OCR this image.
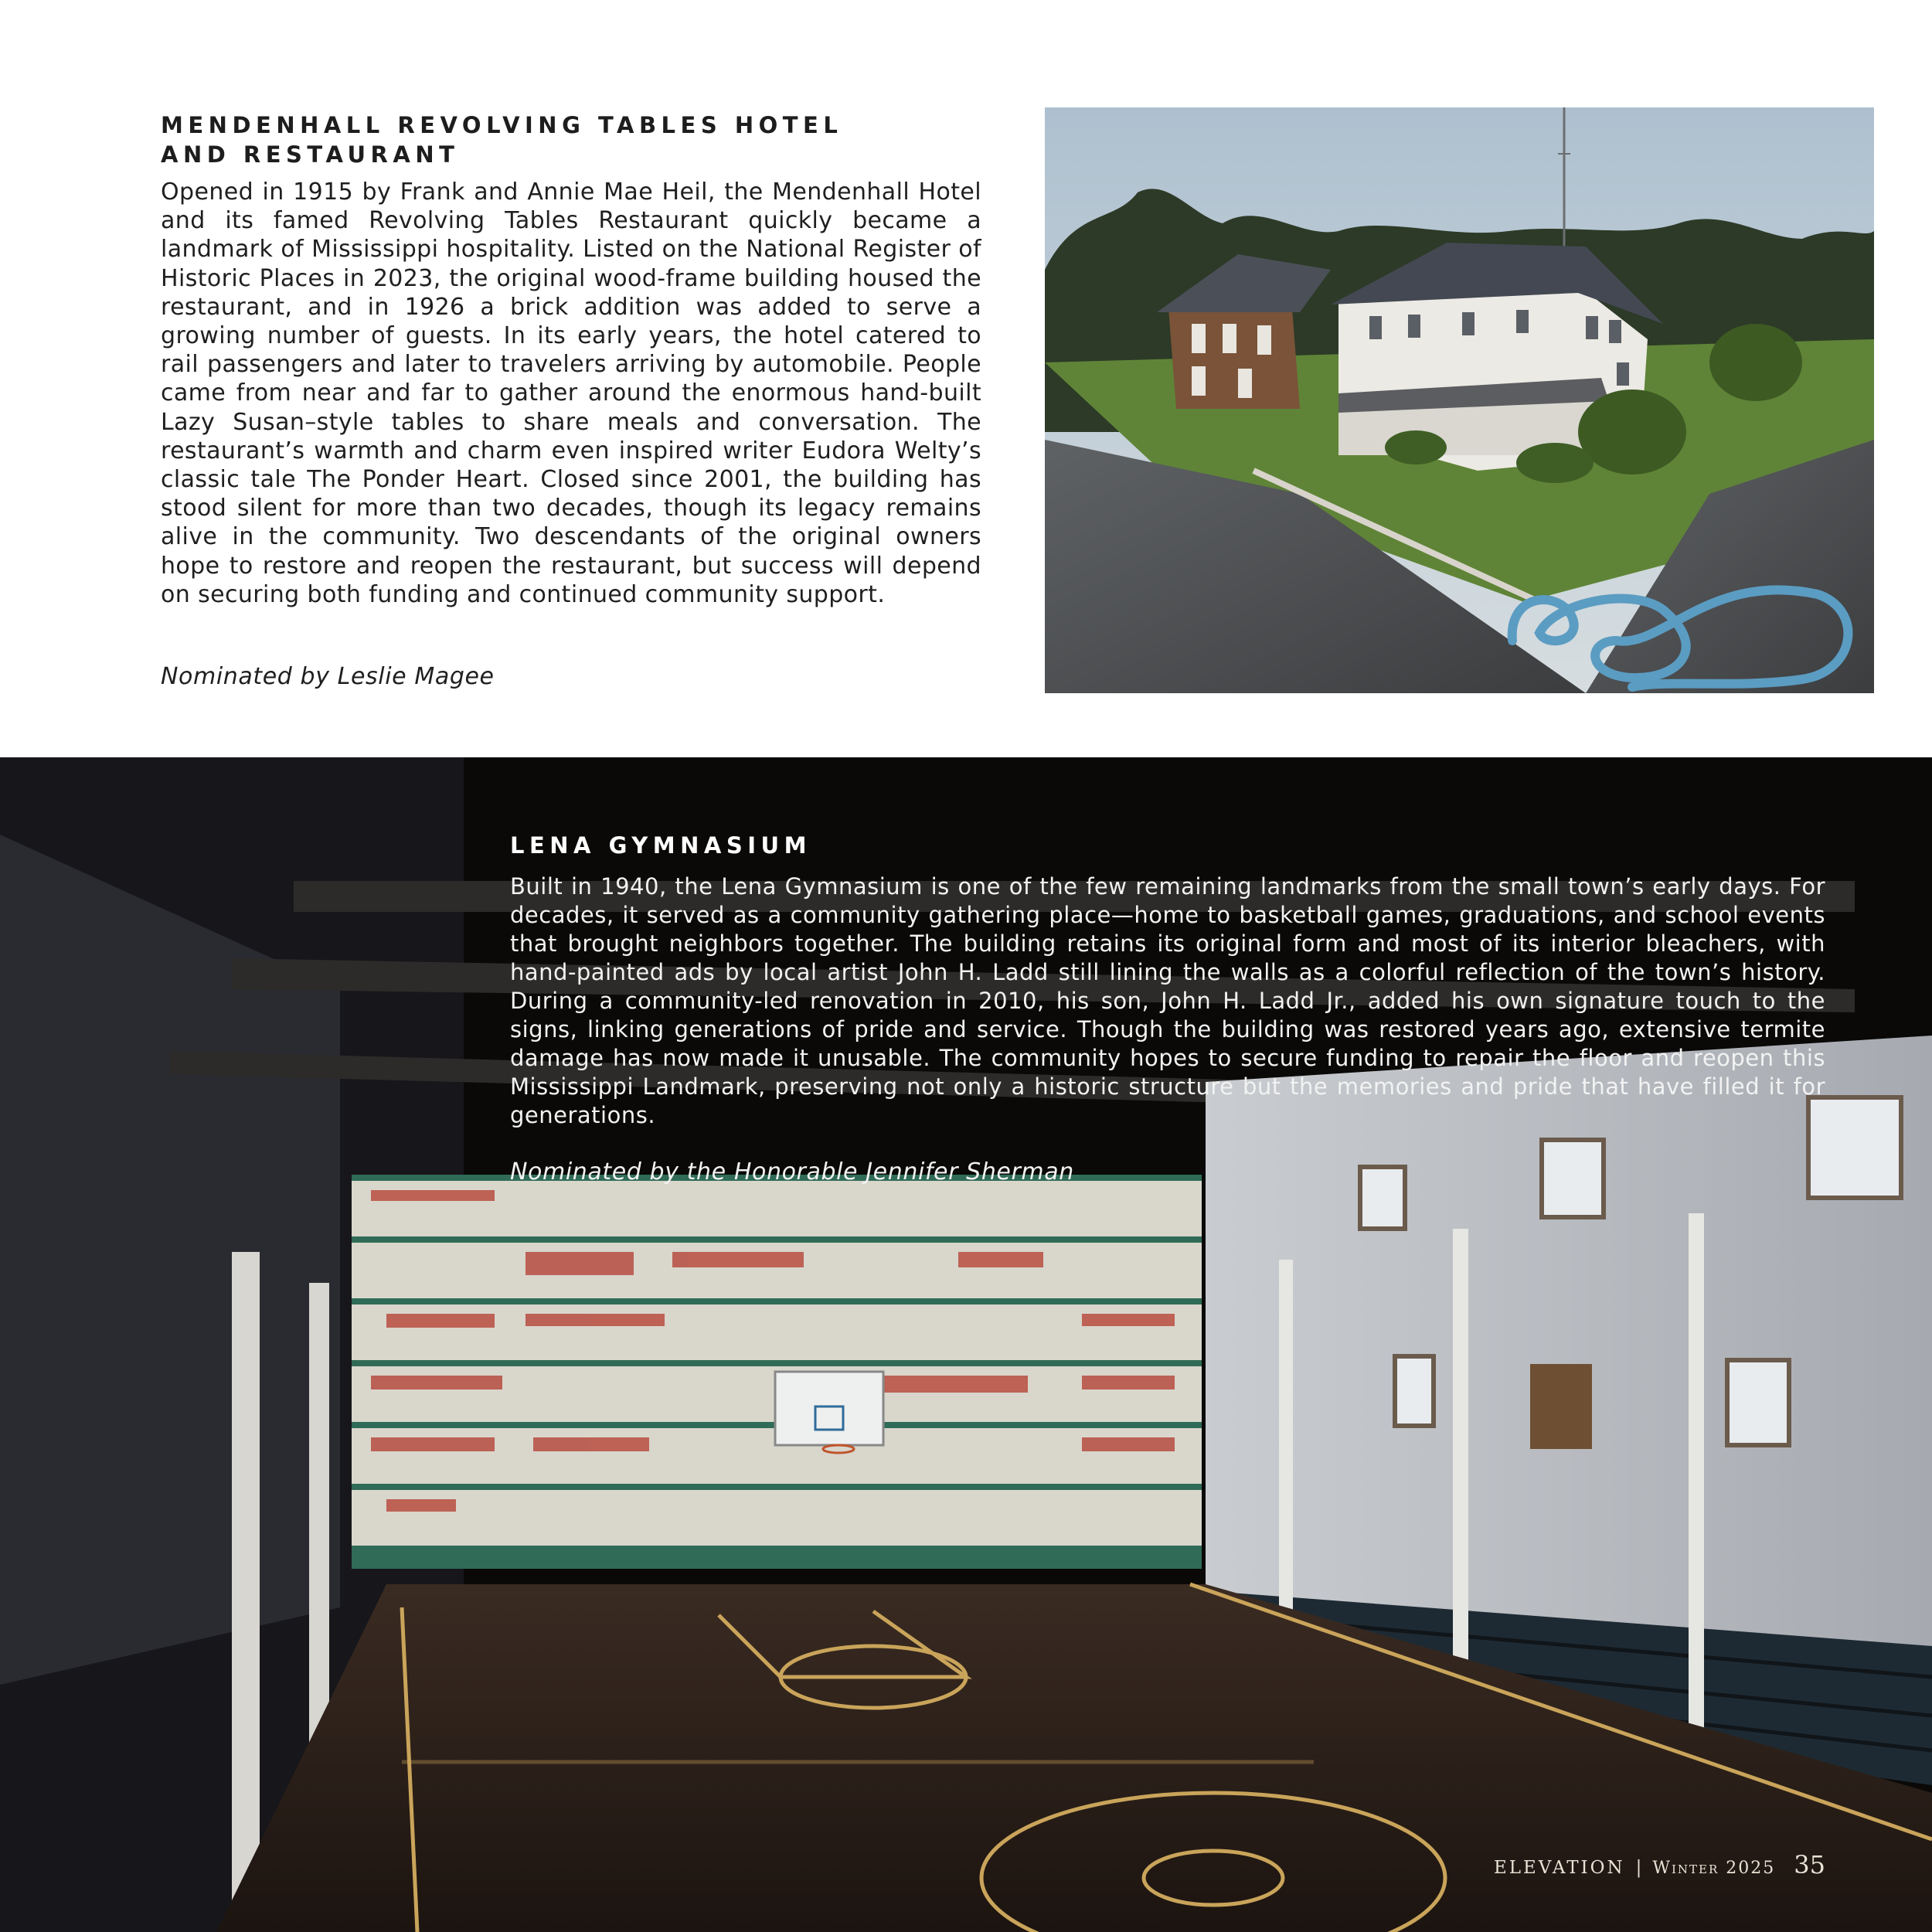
MENDENHALL REVOLVING TABLES HOTEL
AND RESTAURANT

Opened in 1915 by Frank and Annie Mae Heil, the Mendenhall Hotel and its famed Revolving Tables Restaurant quickly became a landmark of Mississippi hospitality. Listed on the National Register of Historic Places in 2023, the original wood-frame building housed the restaurant, and in 1926 a brick addition was added to serve a growing number of guests. In its early years, the hotel catered to rail passengers and later to travelers arriving by automobile. People came from near and far to gather around the enormous hand-built Lazy Susan–style tables to share meals and conversation. The restaurant’s warmth and charm even inspired writer Eudora Welty’s classic tale The Ponder Heart. Closed since 2001, the building has stood silent for more than two decades, though its legacy remains alive in the community. Two descendants of the original owners hope to restore and reopen the restaurant, but success will depend on securing both funding and continued community support.

Nominated by Leslie Magee

LENA GYMNASIUM

Built in 1940, the Lena Gymnasium is one of the few remaining landmarks from the small town’s early days. For decades, it served as a community gathering place—home to basketball games, graduations, and school events that brought neighbors together. The building retains its original form and most of its interior bleachers, with hand-painted ads by local artist John H. Ladd still lining the walls as a colorful reflection of the town’s history. During a community-led renovation in 2010, his son, John H. Ladd Jr., added his own signature touch to the signs, linking generations of pride and service. Though the building was restored years ago, extensive termite damage has now made it unusable. The community hopes to secure funding to repair the floor and reopen this Mississippi Landmark, preserving not only a historic structure but the memories and pride that have filled it for generations.

Nominated by the Honorable Jennifer Sherman

ELEVATION | Winter 2025 35
